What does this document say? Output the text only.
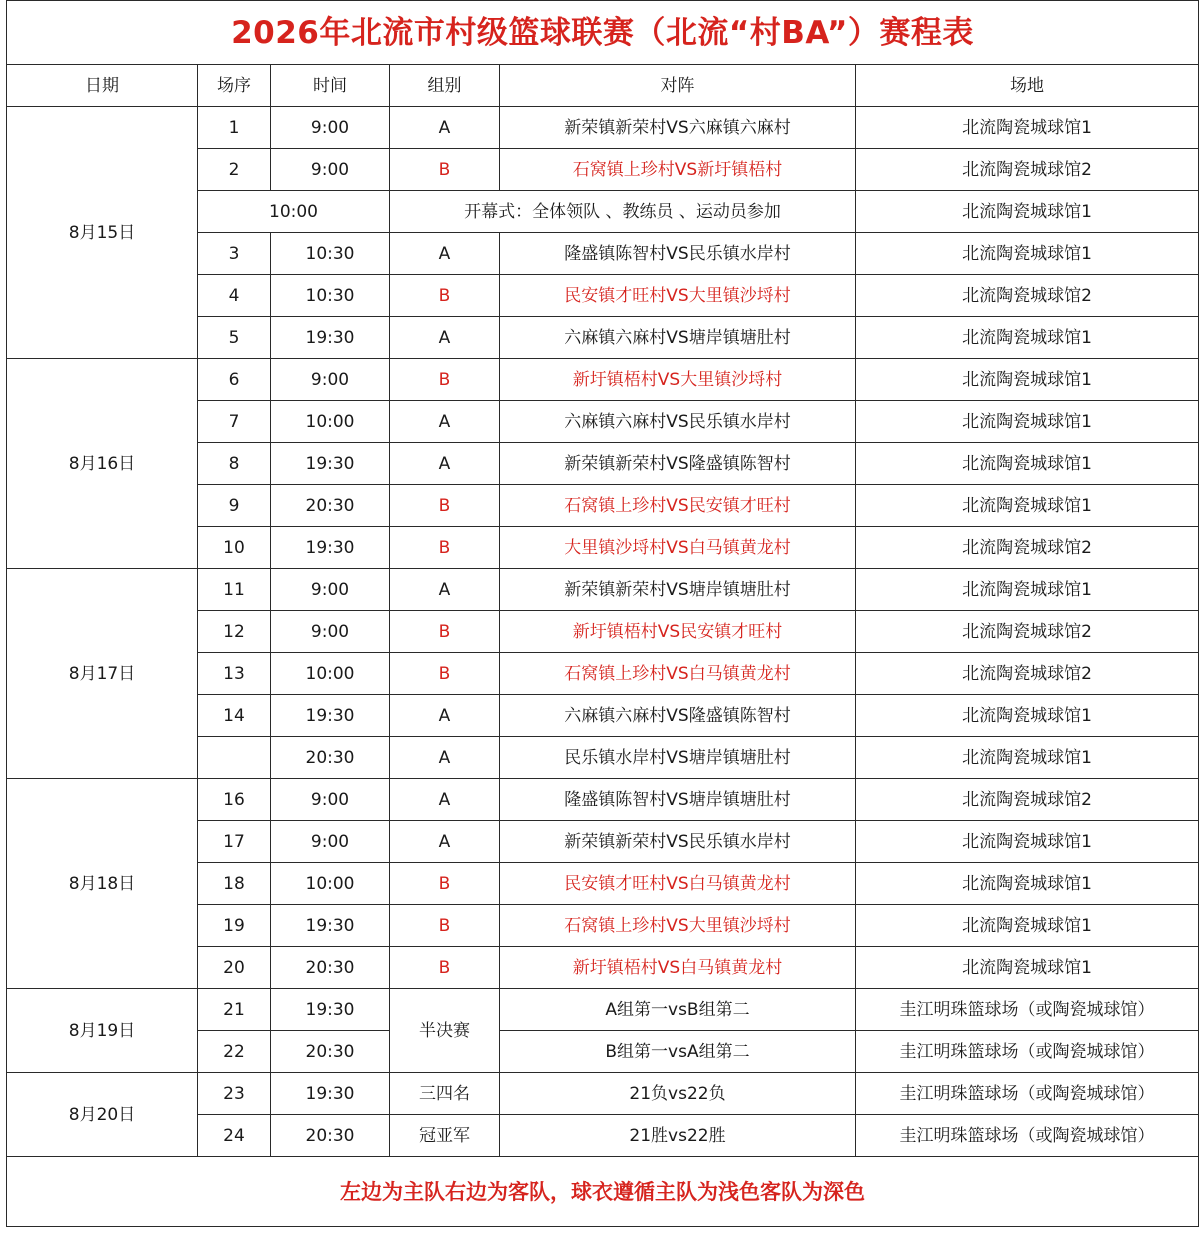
2026年北流市村级篮球联赛（北流“村BA”）赛程表					
日期	场序	时间	组别	对阵	场地
8月15日	1	9:00	A	新荣镇新荣村VS六麻镇六麻村	北流陶瓷城球馆1
	2	9:00	B	石窝镇上珍村VS新圩镇梧村	北流陶瓷城球馆2
	10:00		开幕式：全体领队 、教练员 、运动员参加		北流陶瓷城球馆1
	3	10:30	A	隆盛镇陈智村VS民乐镇水岸村	北流陶瓷城球馆1
	4	10:30	B	民安镇才旺村VS大里镇沙埒村	北流陶瓷城球馆2
	5	19:30	A	六麻镇六麻村VS塘岸镇塘肚村	北流陶瓷城球馆1
8月16日	6	9:00	B	新圩镇梧村VS大里镇沙埒村	北流陶瓷城球馆1
	7	10:00	A	六麻镇六麻村VS民乐镇水岸村	北流陶瓷城球馆1
	8	19:30	A	新荣镇新荣村VS隆盛镇陈智村	北流陶瓷城球馆1
	9	20:30	B	石窝镇上珍村VS民安镇才旺村	北流陶瓷城球馆1
	10	19:30	B	大里镇沙埒村VS白马镇黄龙村	北流陶瓷城球馆2
8月17日	11	9:00	A	新荣镇新荣村VS塘岸镇塘肚村	北流陶瓷城球馆1
	12	9:00	B	新圩镇梧村VS民安镇才旺村	北流陶瓷城球馆2
	13	10:00	B	石窝镇上珍村VS白马镇黄龙村	北流陶瓷城球馆2
	14	19:30	A	六麻镇六麻村VS隆盛镇陈智村	北流陶瓷城球馆1
		20:30	A	民乐镇水岸村VS塘岸镇塘肚村	北流陶瓷城球馆1
8月18日	16	9:00	A	隆盛镇陈智村VS塘岸镇塘肚村	北流陶瓷城球馆2
	17	9:00	A	新荣镇新荣村VS民乐镇水岸村	北流陶瓷城球馆1
	18	10:00	B	民安镇才旺村VS白马镇黄龙村	北流陶瓷城球馆1
	19	19:30	B	石窝镇上珍村VS大里镇沙埒村	北流陶瓷城球馆1
	20	20:30	B	新圩镇梧村VS白马镇黄龙村	北流陶瓷城球馆1
8月19日	21	19:30	半决赛	A组第一vsB组第二	圭江明珠篮球场（或陶瓷城球馆）
	22	20:30		B组第一vsA组第二	圭江明珠篮球场（或陶瓷城球馆）
8月20日	23	19:30	三四名	21负vs22负	圭江明珠篮球场（或陶瓷城球馆）
	24	20:30	冠亚军	21胜vs22胜	圭江明珠篮球场（或陶瓷城球馆）
左边为主队右边为客队，球衣遵循主队为浅色客队为深色					
